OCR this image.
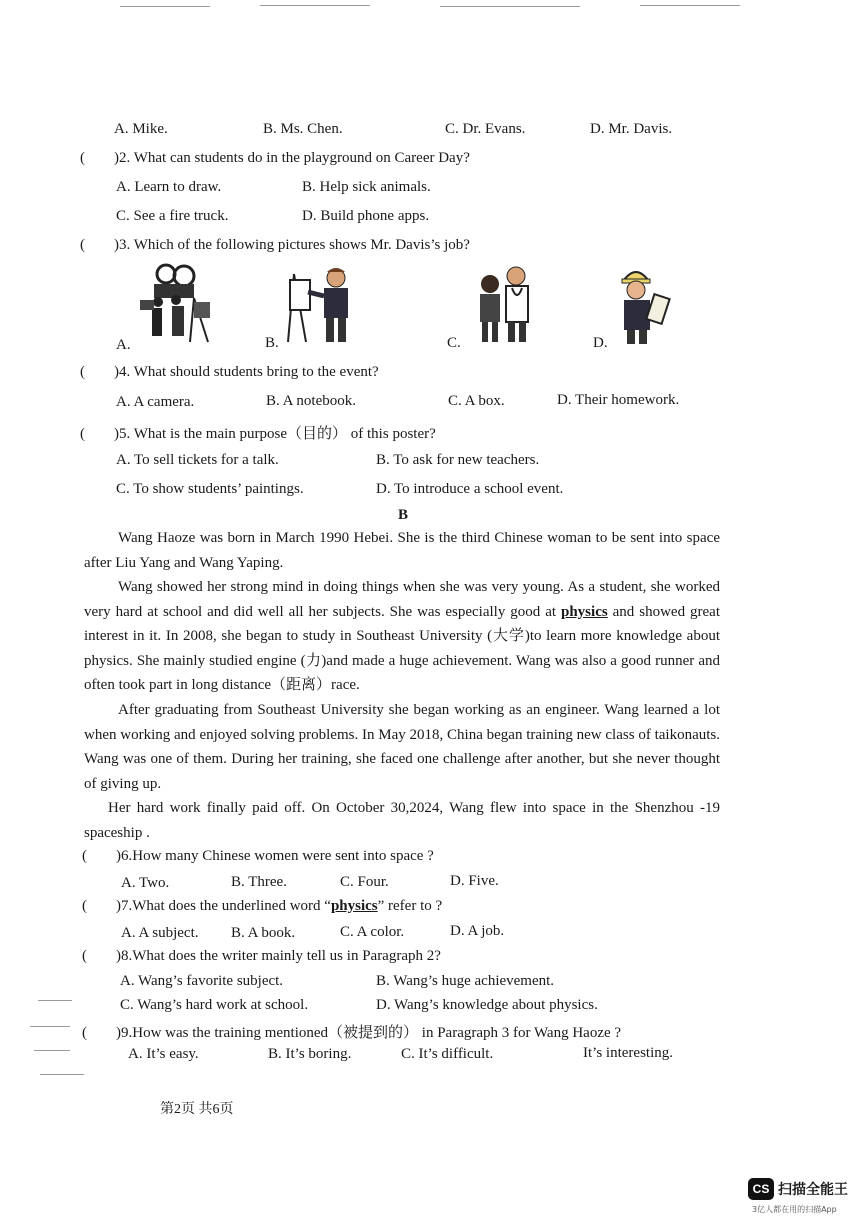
A. Mike.	B. Ms. Chen.	C. Dr. Evans.	D. Mr. Davis.
( )2. What can students do in the playground on Career Day?
A. Learn to draw.	B. Help sick animals.
C. See a fire truck.	D. Build phone apps.
( )3. Which of the following pictures shows Mr. Davis’s job?
A.	B.	C.	D.
( )4. What should students bring to the event?
A. A camera.	B. A notebook.	C. A box.	D. Their homework.
( )5. What is the main purpose（目的） of this poster?
A. To sell tickets for a talk.	B. To ask for new teachers.
C. To show students’ paintings.	D. To introduce a school event.
B
Wang Haoze was born in March 1990 Hebei. She is the third Chinese woman to be sent into space after Liu Yang and Wang Yaping.
Wang showed her strong mind in doing things when she was very young. As a student, she worked very hard at school and did well all her subjects. She was especially good at physics and showed great interest in it. In 2008, she began to study in Southeast University (大学)to learn more knowledge about physics. She mainly studied engine (力)and made a huge achievement. Wang was also a good runner and often took part in long distance（距离）race.
After graduating from Southeast University she began working as an engineer. Wang learned a lot when working and enjoyed solving problems. In May 2018, China began training new class of taikonauts. Wang was one of them. During her training, she faced one challenge after another, but she never thought of giving up.
Her hard work finally paid off. On October 30,2024, Wang flew into space in the Shenzhou -19 spaceship .
( )6.How many Chinese women were sent into space ?
A. Two.	B. Three.	C. Four.	D. Five.
( )7.What does the underlined word “physics” refer to ?
A. A subject. B. A book.	C. A color.	D. A job.
( )8.What does the writer mainly tell us in Paragraph 2?
A. Wang’s favorite subject.	B. Wang’s huge achievement.
C. Wang’s hard work at school.	D. Wang’s knowledge about physics.
( )9.How was the training mentioned（被提到的） in Paragraph 3 for Wang Haoze ?
A. It’s easy.	B. It’s boring.	C. It’s difficult.	It’s interesting.
第2页 共6页
CS 扫描全能王
3亿人都在用的扫描App
